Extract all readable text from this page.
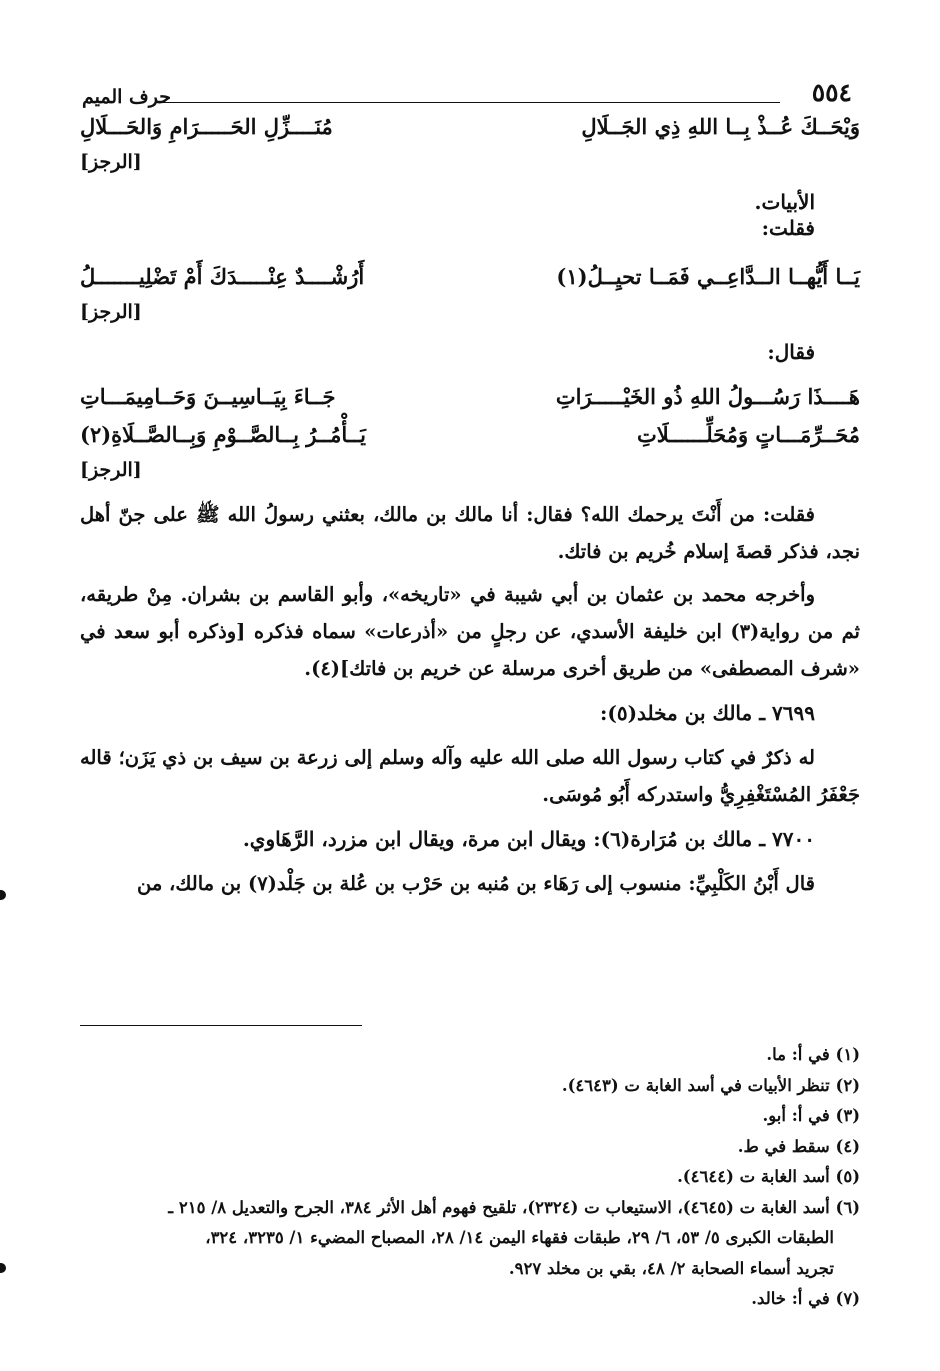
٥٥٤
حرف الميم
وَيْحَــكَ عُــذْ بِــا اللهِ ذِي الجَــلَالِ
مُنَــــزِّلِ الحَـــــرَامِ وَالحَـــلَالِ
[الرجز]
الأبيات.
فقلت:
يَــا أَيُّهــا الــدَّاعِــي فَمَــا تحيِــلُ(١)
أَرُشْــــدٌ عِنْـــــدَكَ أَمْ تَضْلِيـــــــلُ
[الرجز]
فقال:
هَــــذَا رَسُـــولُ اللهِ ذُو الخَيْـــــرَاتِ
جَــاءَ بِيَــاسِيــنَ وَحَــامِيمَـــاتِ
مُحَــرِّمَـــاتٍ وَمُحَلِّــــــلَاتِ
يَــأْمُــرُ بِــالصَّــوْمِ وَبِــالصَّــلَاةِ(٢)
[الرجز]

فقلت: من أَنْتَ يرحمك الله؟ فقال: أنا مالك بن مالك، بعثني رسولُ الله ﷺ على جنّ أهل نجد، فذكر قصةَ إسلام خُريم بن فاتك.

وأخرجه محمد بن عثمان بن أبي شيبة في «تاريخه»، وأبو القاسم بن بشران. مِنْ طريقه، ثم من رواية(٣) ابن خليفة الأسدي، عن رجلٍ من «أذرعات» سماه فذكره [وذكره أبو سعد في «شرف المصطفى» من طريق أخرى مرسلة عن خريم بن فاتك](٤).

٧٦٩٩ ـ مالك بن مخلد(٥):

له ذكرٌ في كتاب رسول الله صلى الله عليه وآله وسلم إلى زرعة بن سيف بن ذي يَزَن؛ قاله جَعْفَرُ المُسْتَغْفِرِيُّ واستدركه أَبُو مُوسَى.

٧٧٠٠ ـ مالك بن مُرَارة(٦): ويقال ابن مرة، ويقال ابن مزرد، الرَّهَاوي.

قال أَبْنُ الكَلْبِيِّ: منسوب إلى رَهَاء بن مُنبه بن حَرْب بن عُلة بن جَلْد(٧) بن مالك، من

(١) في أ: ما.

(٢) تنظر الأبيات في أسد الغابة ت (٤٦٤٣).

(٣) في أ: أبو.

(٤) سقط في ط.

(٥) أسد الغابة ت (٤٦٤٤).

(٦) أسد الغابة ت (٤٦٤٥)، الاستيعاب ت (٢٣٢٤)، تلقيح فهوم أهل الأثر ٣٨٤، الجرح والتعديل ٨/ ٢١٥ ـ

الطبقات الكبرى ٥/ ٥٣، ٦/ ٢٩، طبقات فقهاء اليمن ١٤/ ٢٨، المصباح المضيء ١/ ٣٢٣٥، ٣٢٤،

تجريد أسماء الصحابة ٢/ ٤٨، بقي بن مخلد ٩٢٧.

(٧) في أ: خالد.
